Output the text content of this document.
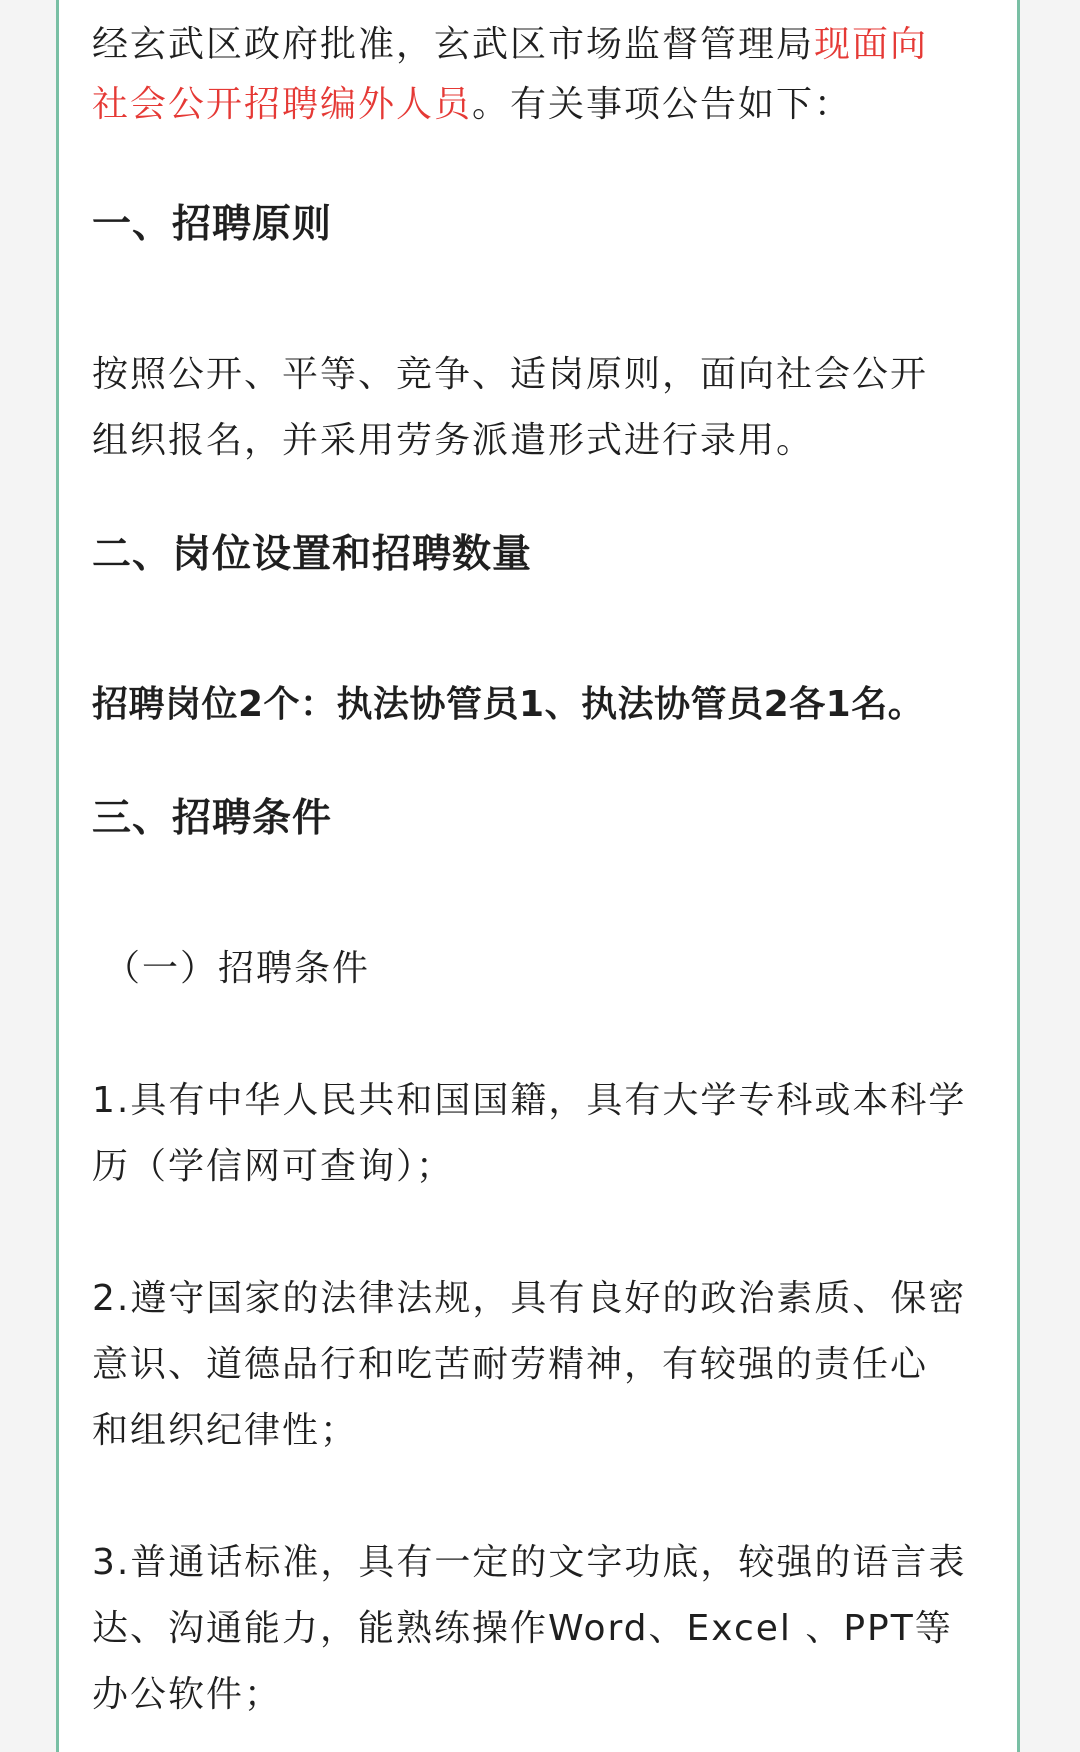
经玄武区政府批准，玄武区市场监督管理局现面向
社会公开招聘编外人员。有关事项公告如下：
一、招聘原则
按照公开、平等、竞争、适岗原则，面向社会公开
组织报名，并采用劳务派遣形式进行录用。
二、岗位设置和招聘数量
招聘岗位2个：执法协管员1、执法协管员2各1名。
三、招聘条件
（一）招聘条件
1.具有中华人民共和国国籍，具有大学专科或本科学
历（学信网可查询）；
2.遵守国家的法律法规，具有良好的政治素质、保密
意识、道德品行和吃苦耐劳精神，有较强的责任心
和组织纪律性；
3.普通话标准，具有一定的文字功底，较强的语言表
达、沟通能力，能熟练操作Word、Excel 、PPT等
办公软件；
